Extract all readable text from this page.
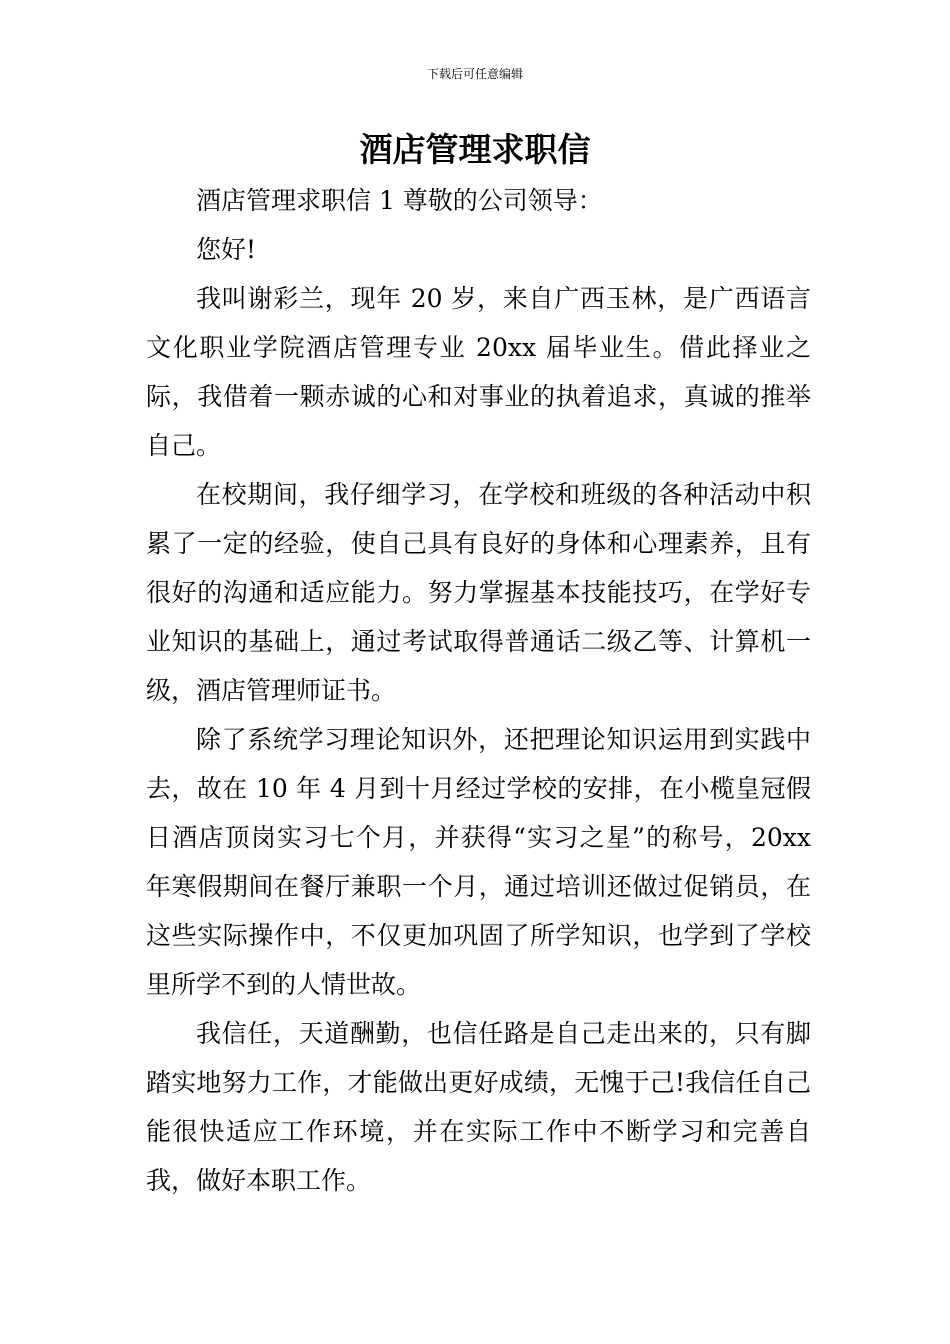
下载后可任意编辑
酒店管理求职信

酒店管理求职信 1 尊敬的公司领导：

您好!

我叫谢彩兰，现年 20 岁，来自广西玉林，是广西语言文化职业学院酒店管理专业 20xx 届毕业生。借此择业之际，我借着一颗赤诚的心和对事业的执着追求，真诚的推举自己。

在校期间，我仔细学习，在学校和班级的各种活动中积累了一定的经验，使自己具有良好的身体和心理素养，且有很好的沟通和适应能力。努力掌握基本技能技巧，在学好专业知识的基础上，通过考试取得普通话二级乙等、计算机一级，酒店管理师证书。

除了系统学习理论知识外，还把理论知识运用到实践中去，故在 10 年 4 月到十月经过学校的安排，在小榄皇冠假日酒店顶岗实习七个月，并获得“实习之星”的称号，20xx 年寒假期间在餐厅兼职一个月，通过培训还做过促销员，在这些实际操作中，不仅更加巩固了所学知识，也学到了学校里所学不到的人情世故。

我信任，天道酬勤，也信任路是自己走出来的，只有脚踏实地努力工作，才能做出更好成绩，无愧于己!我信任自己能很快适应工作环境，并在实际工作中不断学习和完善自我，做好本职工作。
